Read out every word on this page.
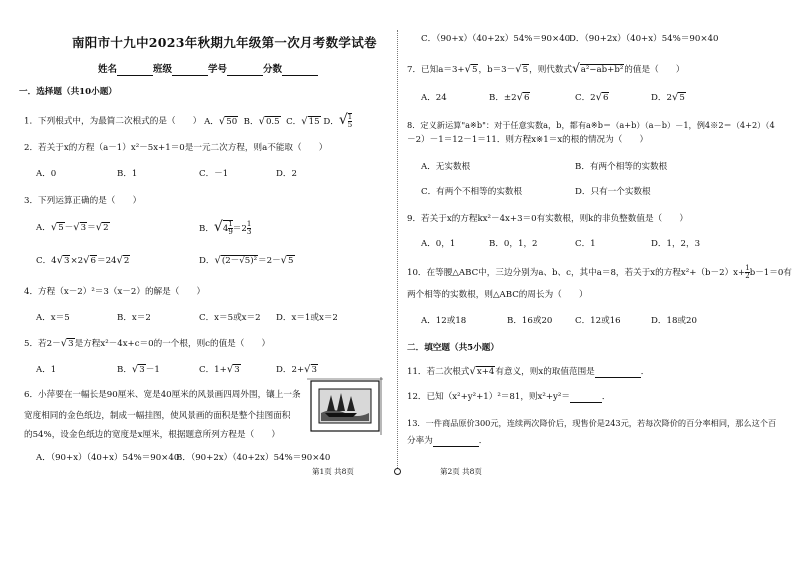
南阳市十九中2023年秋期九年级第一次月考数学试卷
姓名	班级	学号	分数
一．选择题（共10小题）
1．下列根式中，为最简二次根式的是（　　） A．√50 B．√0.5 C．√15 D．√ $\frac{1}{5}$
2．若关于x的方程（a－1）x²－5x+1＝0是一元二次方程，则a不能取（　　）
A．0	B．1	C．－1	D．2
3．下列运算正确的是（　　）
A．√5－√3＝√2	B．$√4 \frac{1}{9} =2 \frac{1}{3}$
C．4√3×2√6＝24√2	D．√(2－√5)²＝2－√5
4．方程（x－2）²＝3（x－2）的解是（　　）
A．x＝5	B．x＝2	C．x＝5或x＝2 D．x＝1或x＝2
5．若2－√3是方程x²－4x+c＝0的一个根，则c的值是（　　）
A．1	B．√3－1	C．1+√3	D．2+√3
6．小萍要在一幅长是90厘米、宽是40厘米的风景画四周外围，镶上一条
宽度相同的金色纸边，制成一幅挂图，使风景画的面积是整个挂图面积
的54%，设金色纸边的宽度是x厘米，根据题意所列方程是（　　）
A．（90+x）（40+x）54%＝90×40
B．（90+2x）（40+2x）54%＝90×40
第1页 共8页
C．（90+x）（40+2x）54%＝90×40
D．（90+2x）（40+x）54%＝90×40
7．已知a＝3+√5，b＝3－√5，则代数式√a²−ab+b²的值是（　　）
A．24	B．±2√6	C．2√6	D．2√5
8．定义新运算"a※b"：对于任意实数a，b，都有a※b＝（a+b）（a－b）－1，例4※2＝（4+2）（4
－2）－1＝12－1＝11．则方程x※1＝x的根的情况为（　　）
A．无实数根	B．有两个相等的实数根
C．有两个不相等的实数根	D．只有一个实数根
9．若关于x的方程kx²－4x+3＝0有实数根，则k的非负整数值是（　　）
A．0，1	B．0，1，2	C．1	D．1，2，3
10．在等腰△ABC中，三边分别为a、b、c，其中a＝8，若关于x的方程$x^2+(b-2)x+ \frac{1}{2} b-1=0$有
两个相等的实数根，则△ABC的周长为（　　）
A．12或18	B．16或20	C．12或16	D．18或20
二．填空题（共5小题）
11．若二次根式√x+4有意义，则x的取值范围是	．
12．已知（x²+y²+1）²＝81，则x²+y²＝	．
13．一件商品原价300元，连续两次降价后，现售价是243元，若每次降价的百分率相同，那么这个百
分率为	．
第2页 共8页
